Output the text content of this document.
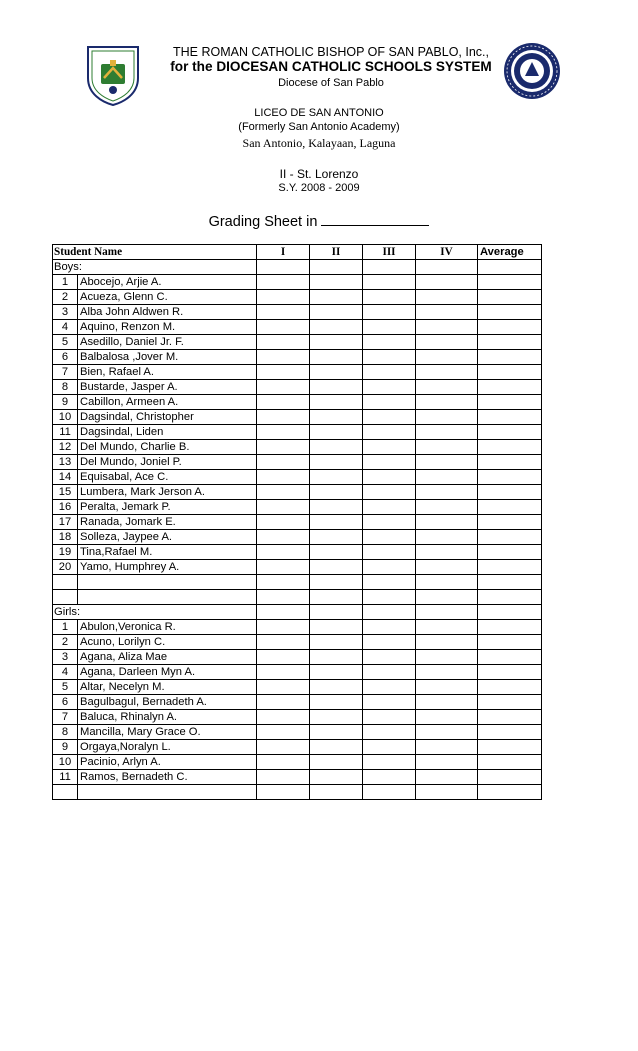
THE ROMAN CATHOLIC BISHOP OF SAN PABLO, Inc.,
for the DIOCESAN CATHOLIC SCHOOLS SYSTEM
Diocese of San Pablo
LICEO DE SAN ANTONIO
(Formerly San Antonio Academy)
San Antonio, Kalayaan, Laguna
II - St. Lorenzo
S.Y. 2008 - 2009
Grading Sheet in
Student Name		I	II	III	IV	Average
Boys:						
1	Abocejo, Arjie A.					
2	Acueza, Glenn C.					
3	Alba John Aldwen R.					
4	Aquino, Renzon M.					
5	Asedillo, Daniel Jr. F.					
6	Balbalosa ,Jover M.					
7	Bien, Rafael A.					
8	Bustarde, Jasper A.					
9	Cabillon, Armeen A.					
10	Dagsindal, Christopher					
11	Dagsindal, Liden					
12	Del Mundo, Charlie B.					
13	Del Mundo, Joniel P.					
14	Equisabal, Ace C.					
15	Lumbera, Mark Jerson A.					
16	Peralta, Jemark P.					
17	Ranada, Jomark E.					
18	Solleza, Jaypee A.					
19	Tina,Rafael M.					
20	Yamo, Humphrey A.					

Girls:						
1	Abulon,Veronica R.					
2	Acuno, Lorilyn C.					
3	Agana, Aliza Mae					
4	Agana, Darleen Myn A.					
5	Altar, Necelyn M.					
6	Bagulbagul, Bernadeth A.					
7	Baluca, Rhinalyn A.					
8	Mancilla, Mary Grace O.					
9	Orgaya,Noralyn L.					
10	Pacinio, Arlyn A.					
11	Ramos, Bernadeth C.					
